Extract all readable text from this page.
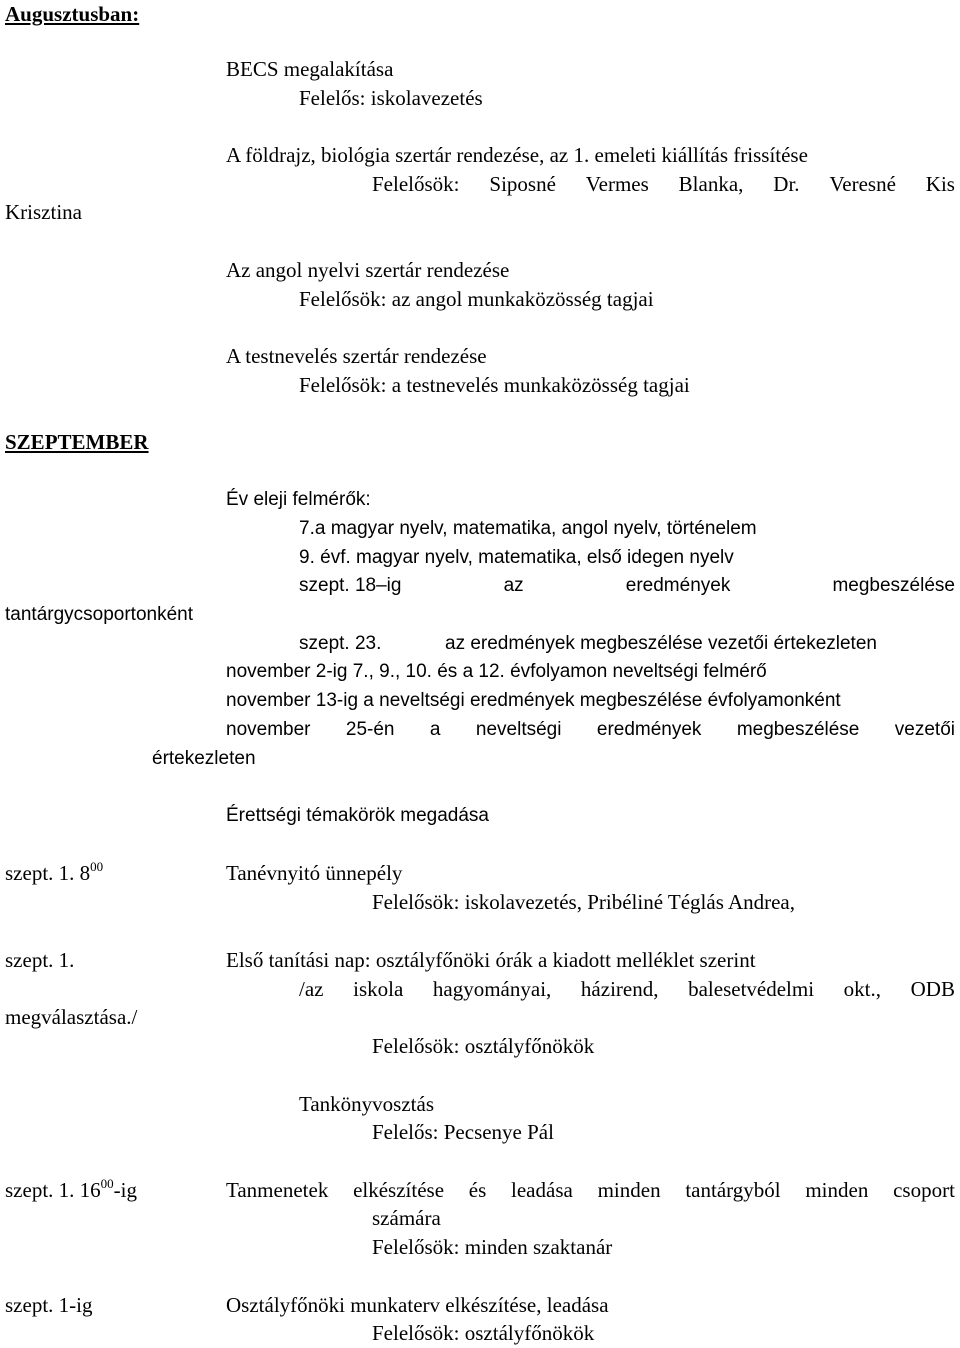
Augusztusban:
BECS megalakítása
Felelős: iskolavezetés
A földrajz, biológia szertár rendezése, az 1. emeleti kiállítás frissítése
Felelősök: Siposné Vermes Blanka, Dr. Veresné Kis
Krisztina
Az angol nyelvi szertár rendezése
Felelősök: az angol munkaközösség tagjai
A testnevelés szertár rendezése
Felelősök: a testnevelés munkaközösség tagjai
SZEPTEMBER
Év eleji felmérők:
7.a magyar nyelv, matematika, angol nyelv, történelem
9. évf. magyar nyelv, matematika, első idegen nyelv
szept. 18–ig	az	eredmények	megbeszélése
tantárgycsoportonként
szept. 23.	az eredmények megbeszélése vezetői értekezleten
november 2-ig 7., 9., 10. és a 12. évfolyamon neveltségi felmérő
november 13-ig a neveltségi eredmények megbeszélése évfolyamonként
november 25-én a neveltségi eredmények megbeszélése vezetői
értekezleten
Érettségi témakörök megadása
szept. 1. $8^{00}$	Tanévnyitó ünnepély
Felelősök: iskolavezetés, Pribéliné Téglás Andrea,
szept. 1.	Első tanítási nap: osztályfőnöki órák a kiadott melléklet szerint
/az iskola hagyományai, házirend, balesetvédelmi okt., ODB
megválasztása./
Felelősök: osztályfőnökök
Tankönyvosztás
Felelős: Pecsenye Pál
szept. 1. $16^{00}-ig$	Tanmenetek elkészítése és leadása minden tantárgyból minden csoport
számára
Felelősök: minden szaktanár
szept. 1-ig	Osztályfőnöki munkaterv elkészítése, leadása
Felelősök: osztályfőnökök
